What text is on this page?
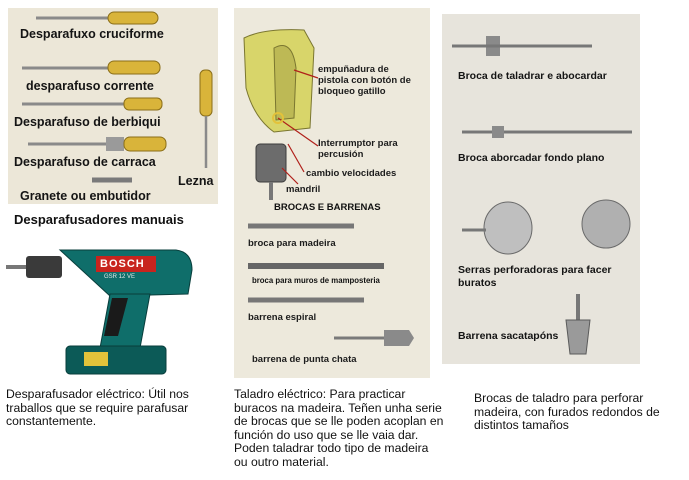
Desparafuxo cruciforme
desparafuso corrente
Desparafuso de berbiqui
Desparafuso de carraca
Granete ou embutidor
Lezna
Desparafusadores manuais
BOSCH
GSR 12 VE
Desparafusador eléctrico: Útil nos traballos que se require parafusar constantemente.
empuñadura de pistola con botón de bloqueo gatillo
Interrumptor para percusión
cambio velocidades
mandril
BROCAS E BARRENAS
broca para madeira
broca para muros de mamposteria
barrena espiral
barrena de punta chata
Taladro eléctrico: Para practicar buracos na madeira. Teñen unha serie de brocas que se lle poden acoplan en función do uso que se lle vaia dar. Poden taladrar todo tipo de madeira ou outro material.
Broca de taladrar e abocardar
Broca aborcadar fondo plano
Serras perforadoras para facer buratos
Barrena sacatapóns
Brocas de taladro para perforar madeira, con furados redondos de distintos tamaños
